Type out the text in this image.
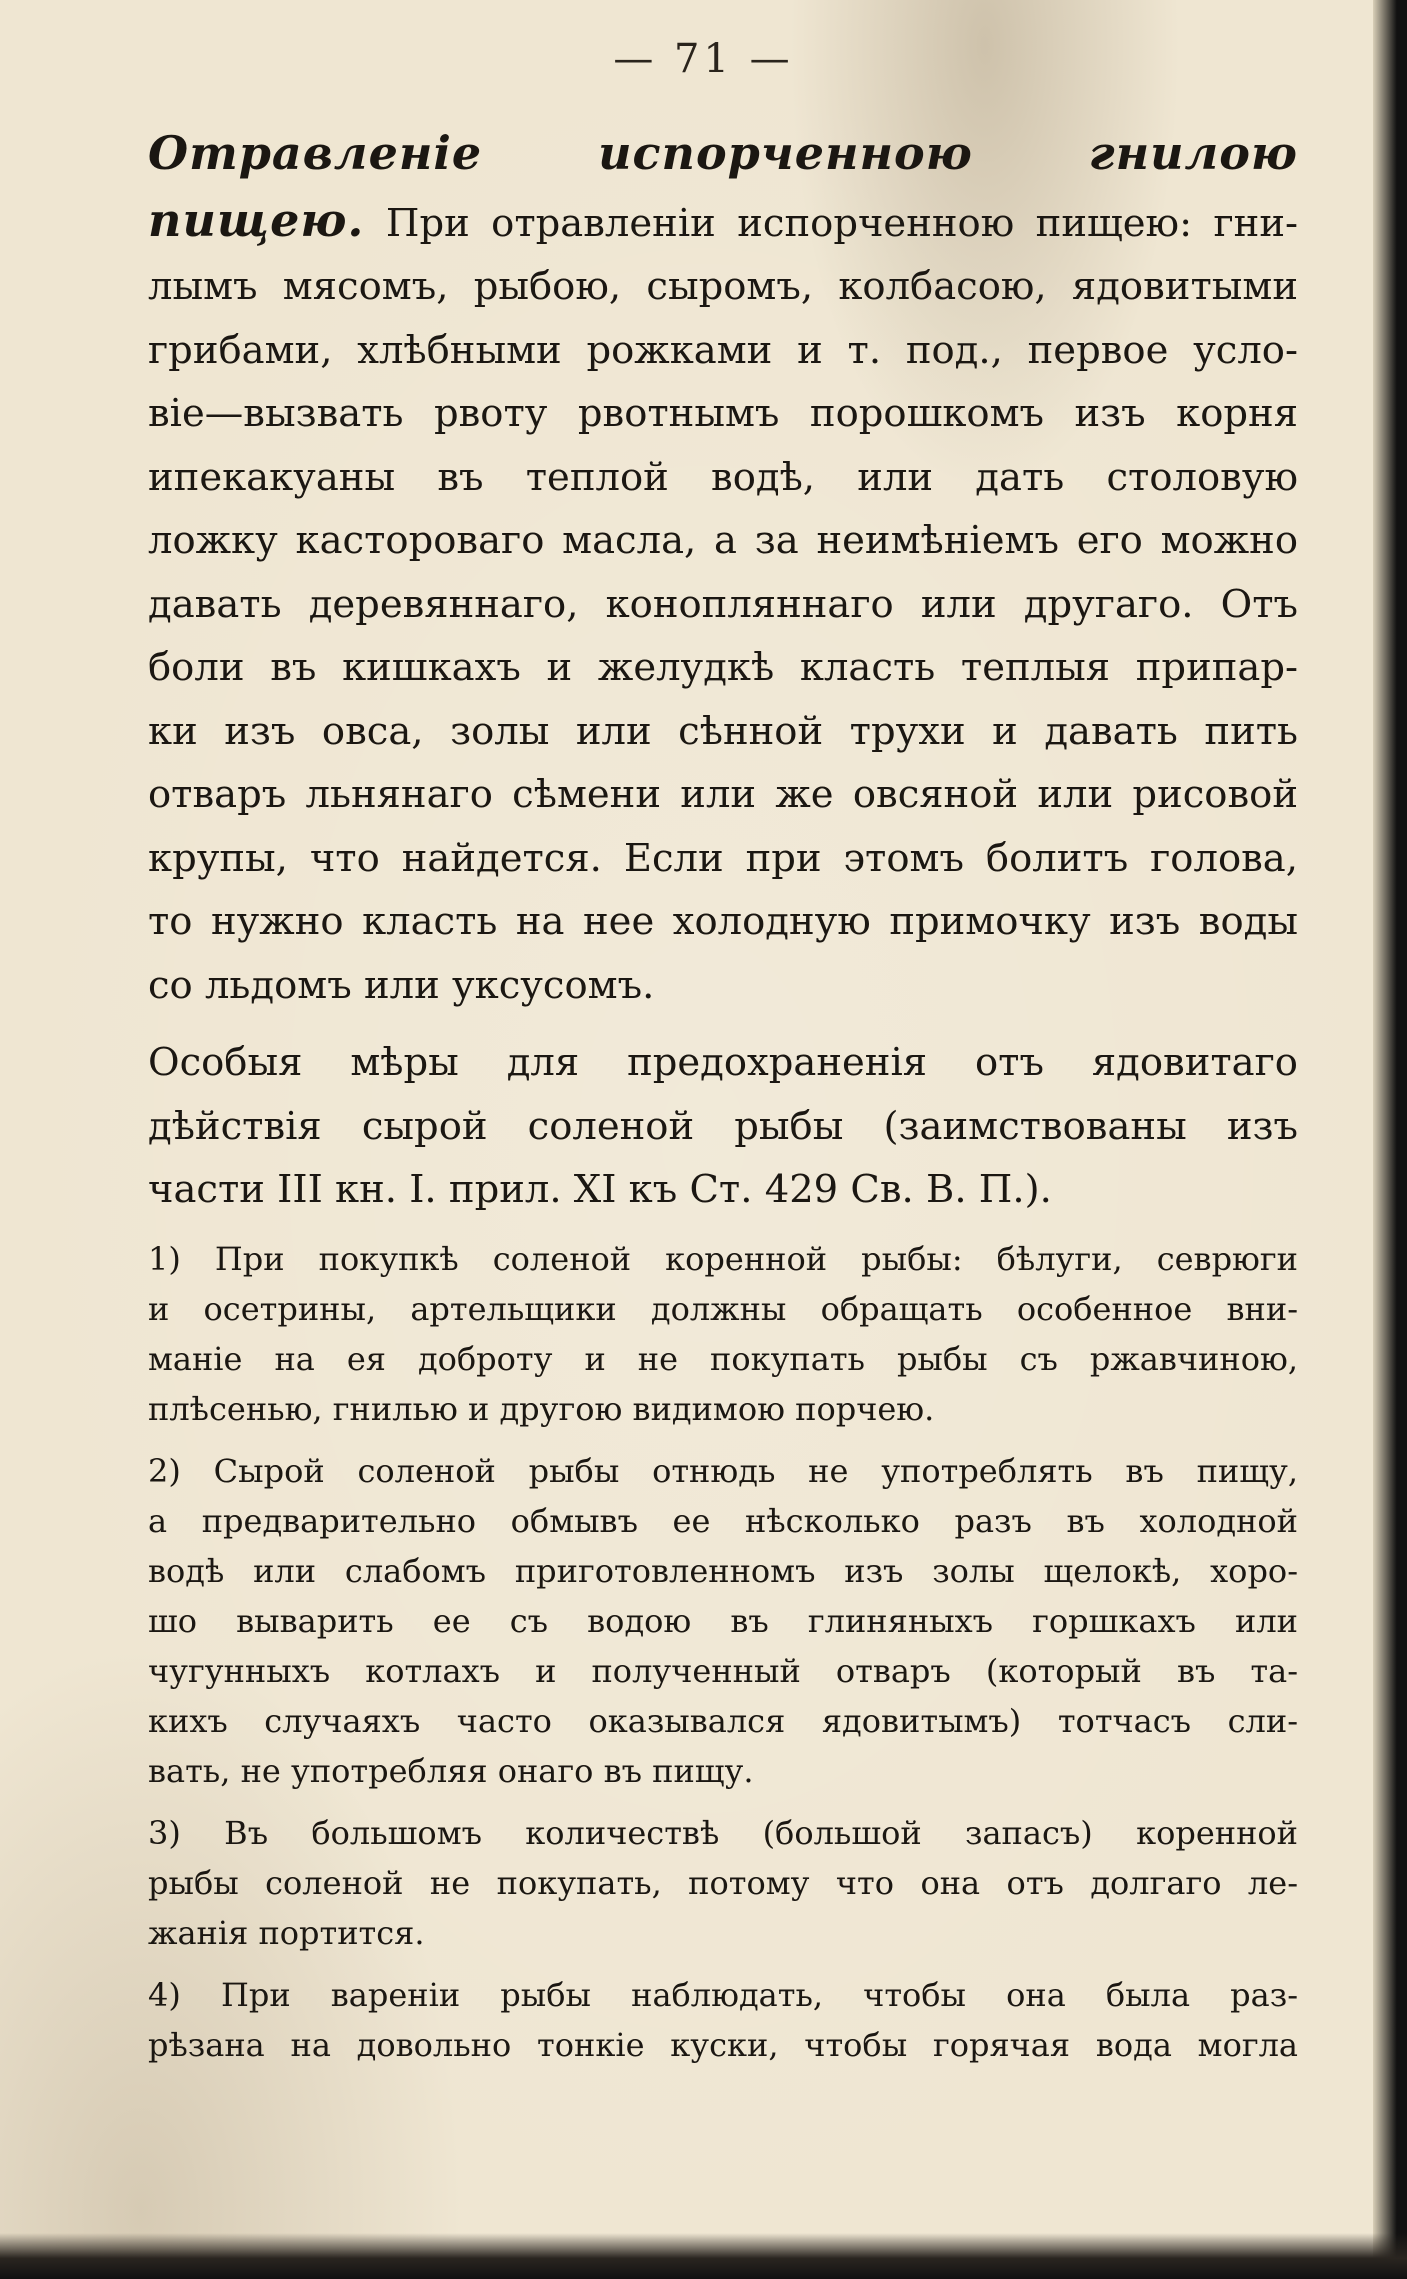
— 71 —

Отравленіе испорченною гнилою

пищею. При отравленіи испорченною пищею: гни-

лымъ мясомъ, рыбою, сыромъ, колбасою, ядовитыми

грибами, хлѣбными рожками и т. под., первое усло-

віе—вызвать рвоту рвотнымъ порошкомъ изъ корня

ипекакуаны въ теплой водѣ, или дать столовую

ложку касторовaго масла, а за неимѣніемъ его можно

давать деревяннаго, конопляннаго или другаго. Отъ

боли въ кишкахъ и желудкѣ класть теплыя припар-

ки изъ овса, золы или сѣнной трухи и давать пить

отваръ льнянаго сѣмени или же овсяной или рисовой

крупы, что найдется. Если при этомъ болитъ голова,

то нужно класть на нее холодную примочку изъ воды

со льдомъ или уксусомъ.

Особыя мѣры для предохраненія отъ ядовитаго

дѣйствія сырой соленой рыбы (заимствованы изъ

части III кн. I. прил. XI къ Ст. 429 Св. В. П.).

1) При покупкѣ соленой коренной рыбы: бѣлуги, севрюги

и осетрины, артельщики должны обращать особенное вни-

маніе на ея доброту и не покупать рыбы съ ржавчиною,

плѣсенью, гнилью и другою видимою порчею.

2) Сырой соленой рыбы отнюдь не употреблять въ пищу,

а предварительно обмывъ ее нѣсколько разъ въ холодной

водѣ или слабомъ приготовленномъ изъ золы щелокѣ, хоро-

шо выварить ее съ водою въ глиняныхъ горшкахъ или

чугунныхъ котлахъ и полученный отваръ (который въ та-

кихъ случаяхъ часто оказывался ядовитымъ) тотчасъ сли-

вать, не употребляя онаго въ пищу.

3) Въ большомъ количествѣ (большой запасъ) коренной

рыбы соленой не покупать, потому что она отъ долгаго ле-

жанія портится.

4) При вареніи рыбы наблюдать, чтобы она была раз-

рѣзана на довольно тонкіе куски, чтобы горячая вода могла
